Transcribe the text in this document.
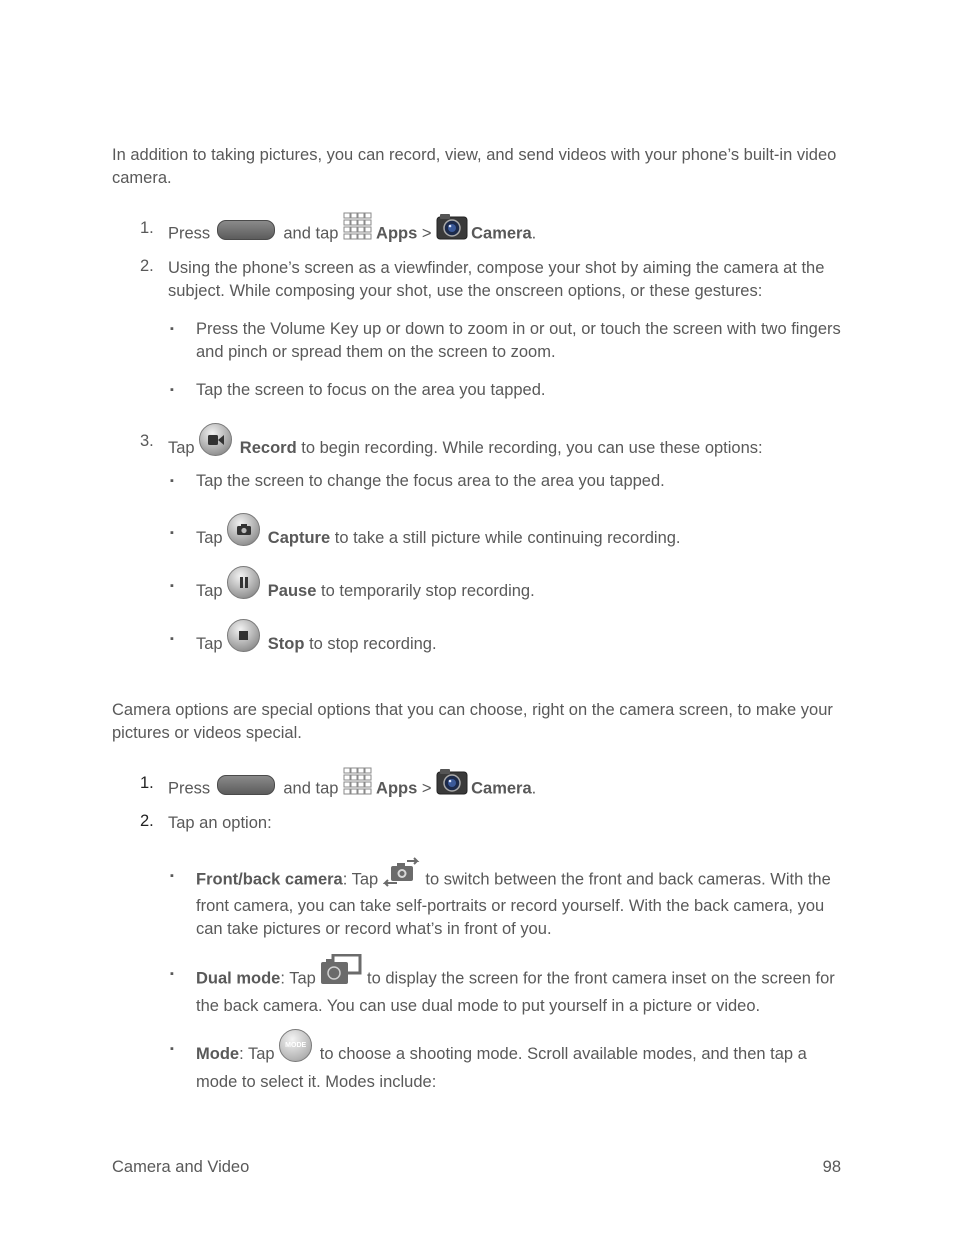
In addition to taking pictures, you can record, view, and send videos with your phone’s built-in video camera.
1. Press	and tap Apps > Camera.
2. Using the phone’s screen as a viewfinder, compose your shot by aiming the camera at the subject. While composing your shot, use the onscreen options, or these gestures:
▪ Press the Volume Key up or down to zoom in or out, or touch the screen with two fingers and pinch or spread them on the screen to zoom.
▪ Tap the screen to focus on the area you tapped.
3. Tap	Record to begin recording. While recording, you can use these options:
▪ Tap the screen to change the focus area to the area you tapped.
▪ Tap	Capture to take a still picture while continuing recording.
▪ Tap	Pause to temporarily stop recording.
▪ Tap	Stop to stop recording.
Camera options are special options that you can choose, right on the camera screen, to make your pictures or videos special.
1. Press	and tap Apps > Camera.
2. Tap an option:
▪ Front/back camera: Tap	to switch between the front and back cameras. With the front camera, you can take self-portraits or record yourself. With the back camera, you can take pictures or record what’s in front of you.
▪ Dual mode: Tap	to display the screen for the front camera inset on the screen for the back camera. You can use dual mode to put yourself in a picture or video.
▪ Mode: Tap MODE to choose a shooting mode. Scroll available modes, and then tap a mode to select it. Modes include:
Camera and Video	98
